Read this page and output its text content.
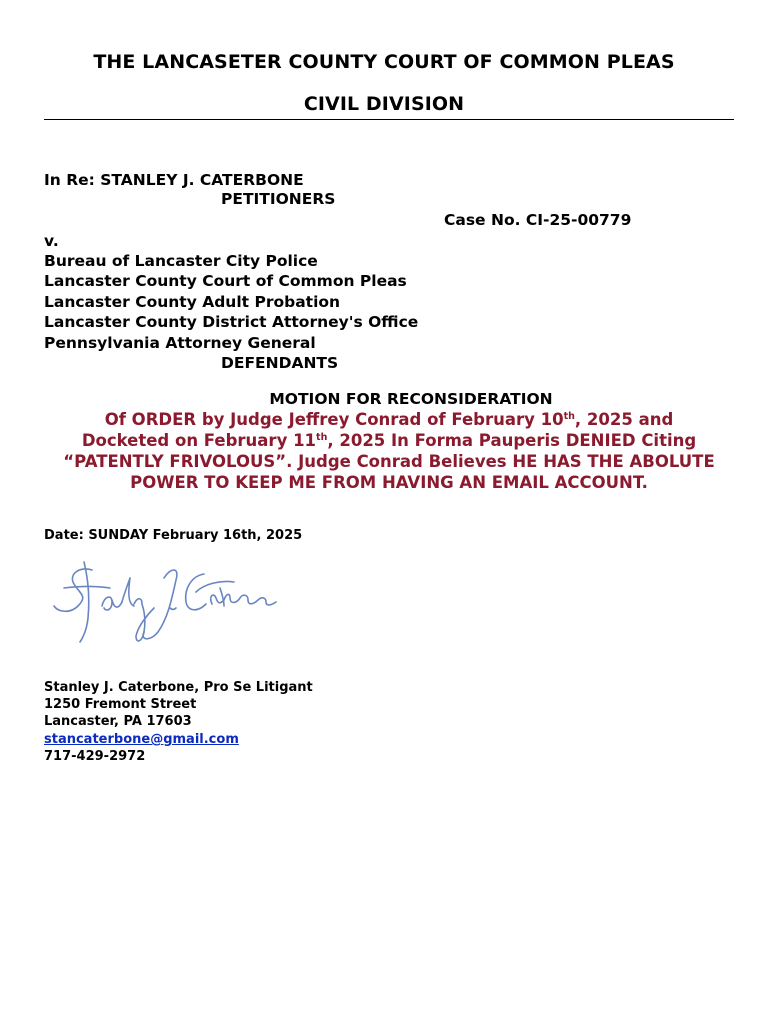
THE LANCASETER COUNTY COURT OF COMMON PLEAS
CIVIL DIVISION
In Re: STANLEY J. CATERBONE
PETITIONERS
Case No. CI-25-00779
v.
Bureau of Lancaster City Police
Lancaster County Court of Common Pleas
Lancaster County Adult Probation
Lancaster County District Attorney's Office
Pennsylvania Attorney General
DEFENDANTS
MOTION FOR RECONSIDERATION
Of ORDER by Judge Jeffrey Conrad of February 10th, 2025 and
Docketed on February 11th, 2025 In Forma Pauperis DENIED Citing
“PATENTLY FRIVOLOUS”. Judge Conrad Believes HE HAS THE ABOLUTE
POWER TO KEEP ME FROM HAVING AN EMAIL ACCOUNT.
Date: SUNDAY February 16th, 2025
Stanley J. Caterbone, Pro Se Litigant
1250 Fremont Street
Lancaster, PA 17603
stancaterbone@gmail.com
717-429-2972
